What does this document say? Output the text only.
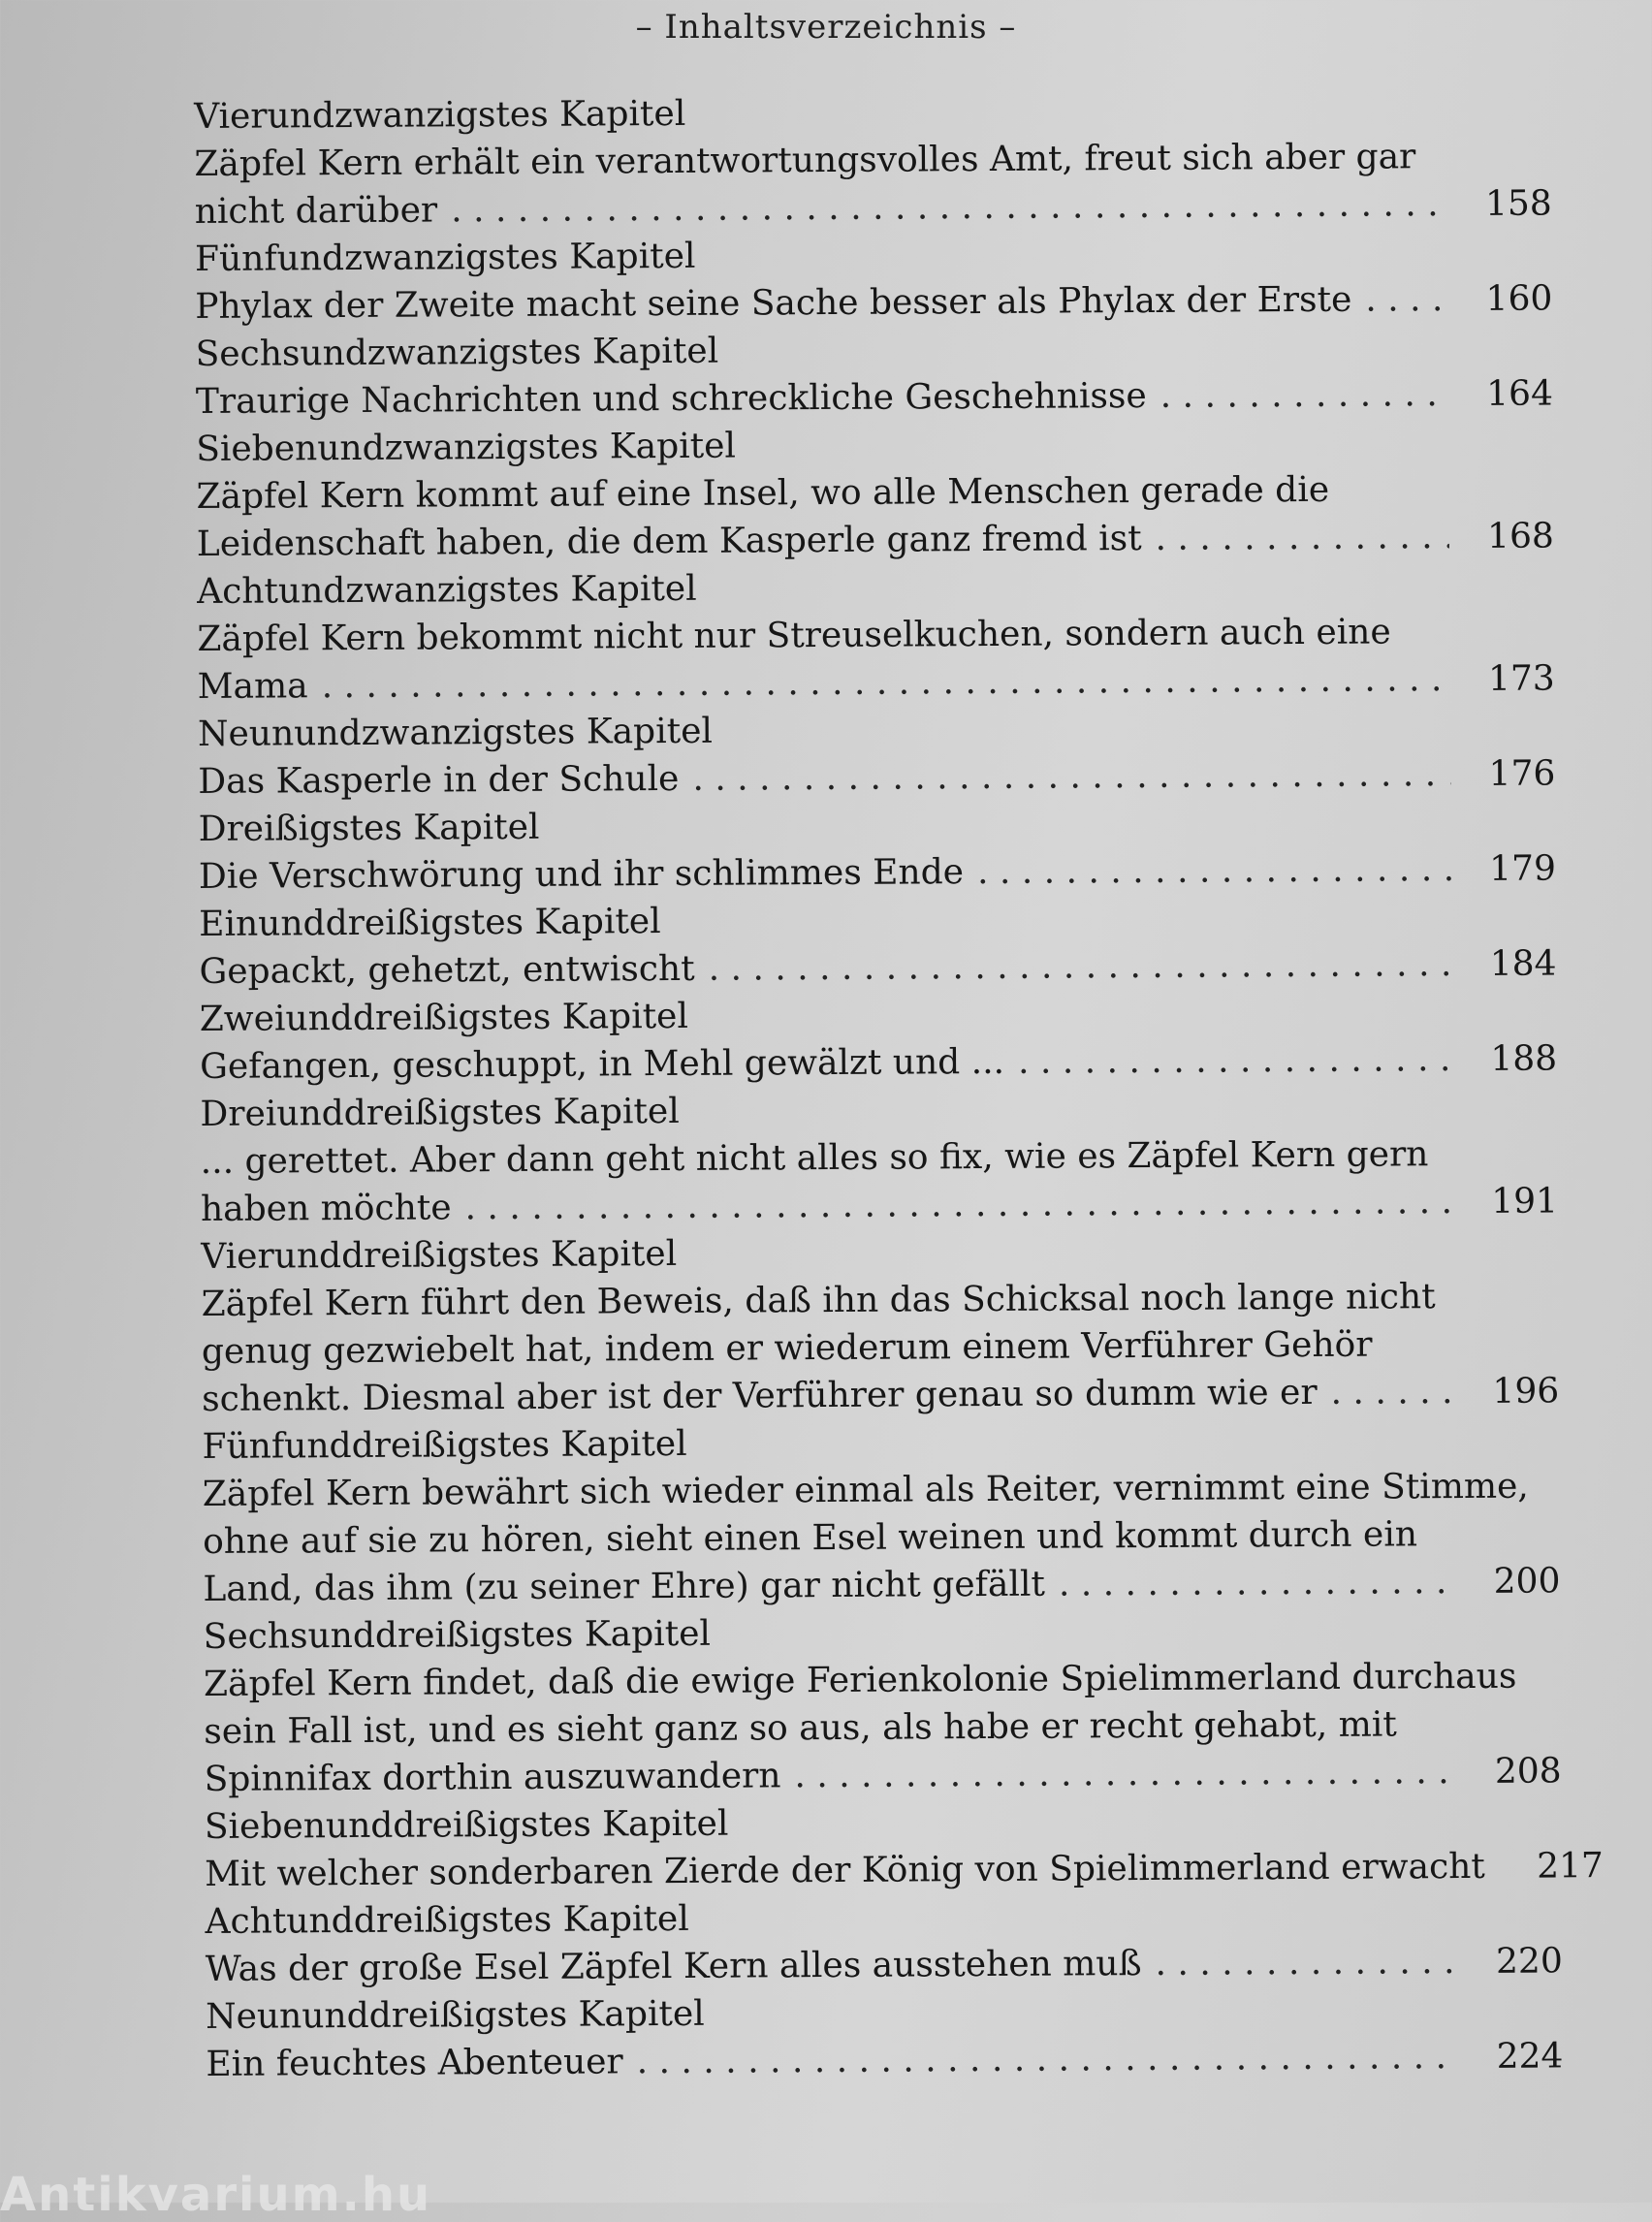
– Inhaltsverzeichnis –
Vierundzwanzigstes Kapitel
Zäpfel Kern erhält ein verantwortungsvolles Amt, freut sich aber gar
nicht darüber . . .	158
Fünfundzwanzigstes Kapitel
Phylax der Zweite macht seine Sache besser als Phylax der Erste . . .	160
Sechsundzwanzigstes Kapitel
Traurige Nachrichten und schreckliche Geschehnisse . . .	164
Siebenundzwanzigstes Kapitel
Zäpfel Kern kommt auf eine Insel, wo alle Menschen gerade die
Leidenschaft haben, die dem Kasperle ganz fremd ist . . .	168
Achtundzwanzigstes Kapitel
Zäpfel Kern bekommt nicht nur Streuselkuchen, sondern auch eine
Mama . . .	173
Neunundzwanzigstes Kapitel
Das Kasperle in der Schule . . .	176
Dreißigstes Kapitel
Die Verschwörung und ihr schlimmes Ende . . .	179
Einunddreißigstes Kapitel
Gepackt, gehetzt, entwischt . . .	184
Zweiunddreißigstes Kapitel
Gefangen, geschuppt, in Mehl gewälzt und ... . . .	188
Dreiunddreißigstes Kapitel
... gerettet. Aber dann geht nicht alles so fix, wie es Zäpfel Kern gern
haben möchte . . .	191
Vierunddreißigstes Kapitel
Zäpfel Kern führt den Beweis, daß ihn das Schicksal noch lange nicht
genug gezwiebelt hat, indem er wiederum einem Verführer Gehör
schenkt. Diesmal aber ist der Verführer genau so dumm wie er . . .	196
Fünfunddreißigstes Kapitel
Zäpfel Kern bewährt sich wieder einmal als Reiter, vernimmt eine Stimme,
ohne auf sie zu hören, sieht einen Esel weinen und kommt durch ein
Land, das ihm (zu seiner Ehre) gar nicht gefällt . . .	200
Sechsunddreißigstes Kapitel
Zäpfel Kern findet, daß die ewige Ferienkolonie Spielimmerland durchaus
sein Fall ist, und es sieht ganz so aus, als habe er recht gehabt, mit
Spinnifax dorthin auszuwandern . . .	208
Siebenunddreißigstes Kapitel
Mit welcher sonderbaren Zierde der König von Spielimmerland erwacht . . .	217
Achtunddreißigstes Kapitel
Was der große Esel Zäpfel Kern alles ausstehen muß . . .	220
Neununddreißigstes Kapitel
Ein feuchtes Abenteuer . . .	224
Antikvarium.hu
